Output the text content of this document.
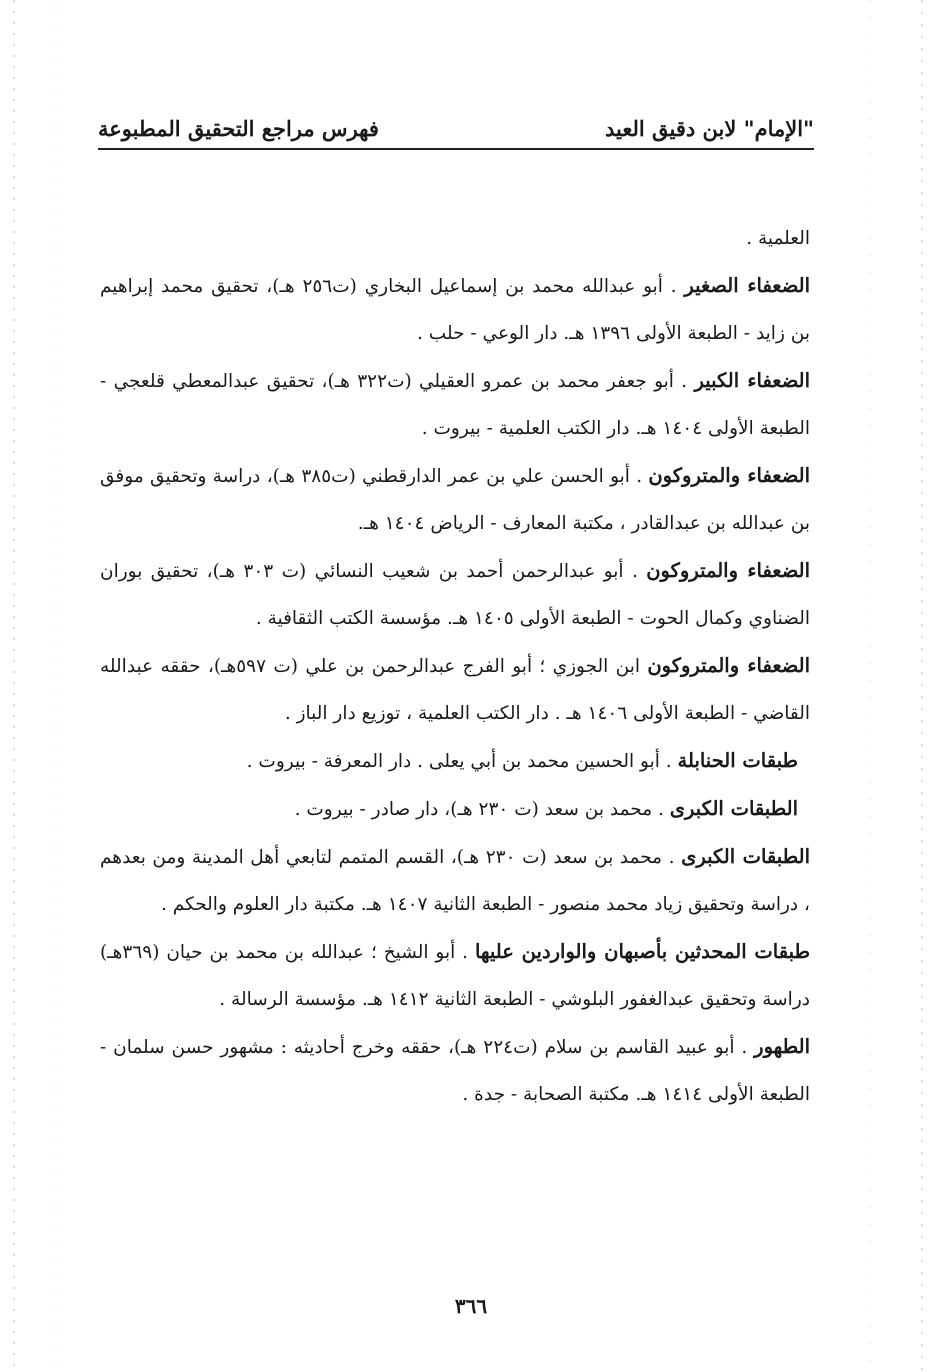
"الإمام" لابن دقيق العيد
فهرس مراجع التحقيق المطبوعة

العلمية .

الضعفاء الصغير . أبو عبدالله محمد بن إسماعيل البخاري (ت٢٥٦ هـ)، تحقيق محمد إبراهيم بن زايد - الطبعة الأولى ١٣٩٦ هـ. دار الوعي - حلب .

الضعفاء الكبير . أبو جعفر محمد بن عمرو العقيلي (ت٣٢٢ هـ)، تحقيق عبدالمعطي قلعجي - الطبعة الأولى ١٤٠٤ هـ. دار الكتب العلمية - بيروت .

الضعفاء والمتروكون . أبو الحسن علي بن عمر الدارقطني (ت٣٨٥ هـ)، دراسة وتحقيق موفق بن عبدالله بن عبدالقادر ، مكتبة المعارف - الرياض ١٤٠٤ هـ.

الضعفاء والمتروكون . أبو عبدالرحمن أحمد بن شعيب النسائي (ت ٣٠٣ هـ)، تحقيق بوران الضناوي وكمال الحوت - الطبعة الأولى ١٤٠٥ هـ. مؤسسة الكتب الثقافية .

الضعفاء والمتروكون ابن الجوزي ؛ أبو الفرج عبدالرحمن بن علي (ت ٥٩٧هـ)، حققه عبدالله القاضي - الطبعة الأولى ١٤٠٦ هـ . دار الكتب العلمية ، توزيع دار الباز .

طبقات الحنابلة . أبو الحسين محمد بن أبي يعلى . دار المعرفة - بيروت .

الطبقات الكبرى . محمد بن سعد (ت ٢٣٠ هـ)، دار صادر - بيروت .

الطبقات الكبرى . محمد بن سعد (ت ٢٣٠ هـ)، القسم المتمم لتابعي أهل المدينة ومن بعدهم ، دراسة وتحقيق زياد محمد منصور - الطبعة الثانية ١٤٠٧ هـ. مكتبة دار العلوم والحكم .

طبقات المحدثين بأصبهان والواردين عليها . أبو الشيخ ؛ عبدالله بن محمد بن حيان (٣٦٩هـ) دراسة وتحقيق عبدالغفور البلوشي - الطبعة الثانية ١٤١٢ هـ. مؤسسة الرسالة .

الطهور . أبو عبيد القاسم بن سلام (ت٢٢٤ هـ)، حققه وخرج أحاديثه : مشهور حسن سلمان - الطبعة الأولى ١٤١٤ هـ. مكتبة الصحابة - جدة .

٣٦٦
